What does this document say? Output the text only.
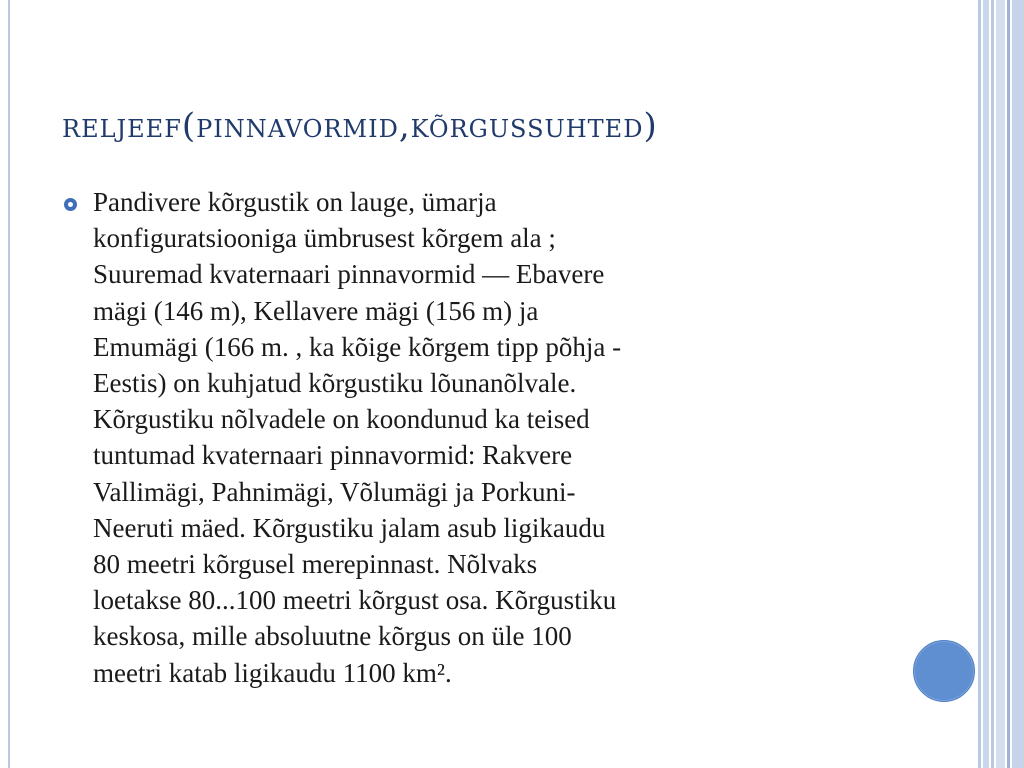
reljeef(pinnavormid,kõrgussuhted)

Pandivere kõrgustik on lauge, ümarja
konfiguratsiooniga ümbrusest kõrgem ala ;
Suuremad kvaternaari pinnavormid — Ebavere
mägi (146 m), Kellavere mägi (156 m) ja
Emumägi (166 m. , ka kõige kõrgem tipp põhja -
Eestis) on kuhjatud kõrgustiku lõunanõlvale.
Kõrgustiku nõlvadele on koondunud ka teised
tuntumad kvaternaari pinnavormid: Rakvere
Vallimägi, Pahnimägi, Võlumägi ja Porkuni-
Neeruti mäed. Kõrgustiku jalam asub ligikaudu
80 meetri kõrgusel merepinnast. Nõlvaks
loetakse 80...100 meetri kõrgust osa. Kõrgustiku
keskosa, mille absoluutne kõrgus on üle 100
meetri katab ligikaudu 1100 km².
